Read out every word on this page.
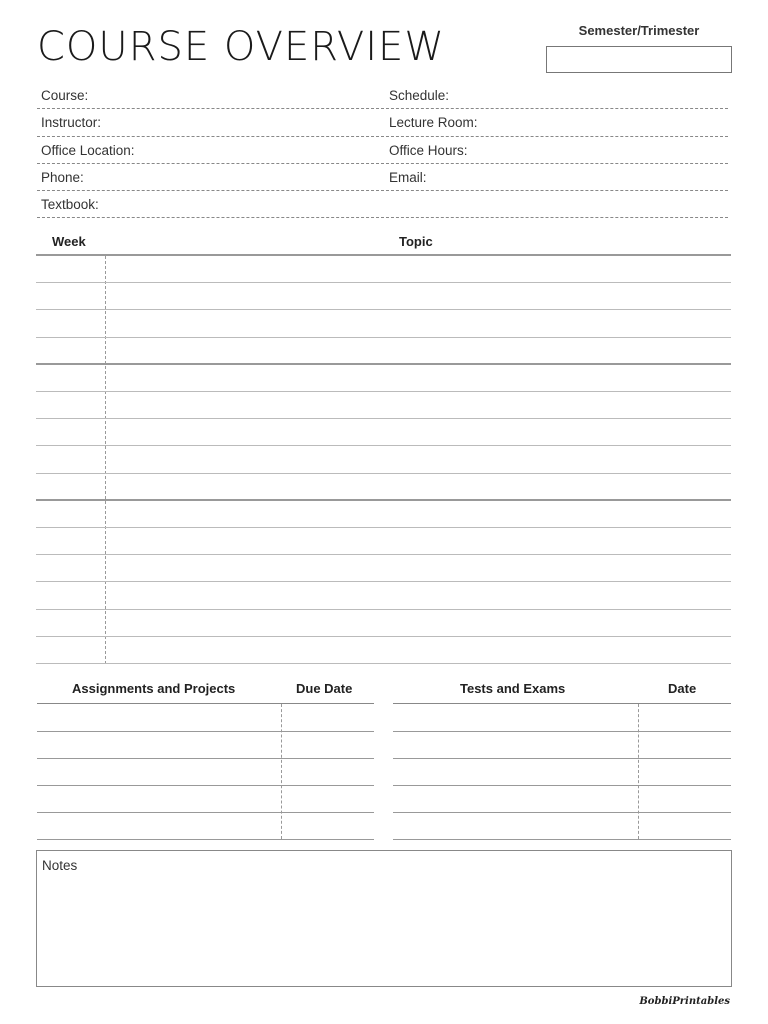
COURSE OVERVIEW	Semester/Trimester
Course:	Schedule:
Instructor:	Lecture Room:
Office Location:	Office Hours:
Phone:	Email:
Textbook:
Week	Topic
Assignments and Projects	Due Date	Tests and Exams	Date
Notes
BobbiPrintables
